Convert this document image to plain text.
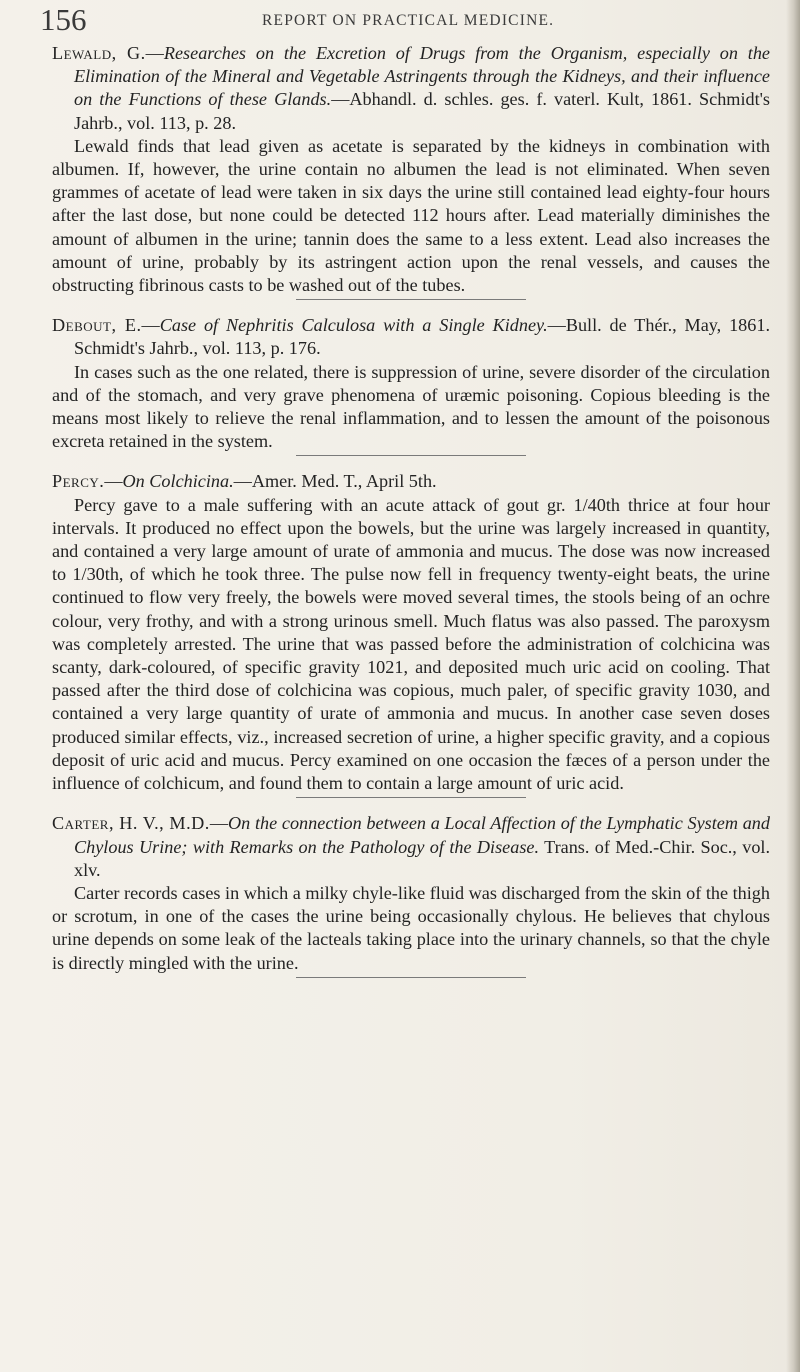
156	REPORT ON PRACTICAL MEDICINE.
Lewald, G.—Researches on the Excretion of Drugs from the Organism, especially on the Elimination of the Mineral and Vegetable Astringents through the Kidneys, and their influence on the Functions of these Glands.—Abhandl. d. schles. ges. f. vaterl. Kult, 1861. Schmidt's Jahrb., vol. 113, p. 28.

Lewald finds that lead given as acetate is separated by the kidneys in combination with albumen. If, however, the urine contain no albumen the lead is not eliminated. When seven grammes of acetate of lead were taken in six days the urine still contained lead eighty-four hours after the last dose, but none could be detected 112 hours after. Lead materially diminishes the amount of albumen in the urine; tannin does the same to a less extent. Lead also increases the amount of urine, probably by its astringent action upon the renal vessels, and causes the obstructing fibrinous casts to be washed out of the tubes.

Debout, E.—Case of Nephritis Calculosa with a Single Kidney.—Bull. de Thér., May, 1861. Schmidt's Jahrb., vol. 113, p. 176.

In cases such as the one related, there is suppression of urine, severe disorder of the circulation and of the stomach, and very grave phenomena of uræmic poisoning. Copious bleeding is the means most likely to relieve the renal inflammation, and to lessen the amount of the poisonous excreta retained in the system.

Percy.—On Colchicina.—Amer. Med. T., April 5th.

Percy gave to a male suffering with an acute attack of gout gr. 1/40th thrice at four hour intervals. It produced no effect upon the bowels, but the urine was largely increased in quantity, and contained a very large amount of urate of ammonia and mucus. The dose was now increased to 1/30th, of which he took three. The pulse now fell in frequency twenty-eight beats, the urine continued to flow very freely, the bowels were moved several times, the stools being of an ochre colour, very frothy, and with a strong urinous smell. Much flatus was also passed. The paroxysm was completely arrested. The urine that was passed before the administration of colchicina was scanty, dark-coloured, of specific gravity 1021, and deposited much uric acid on cooling. That passed after the third dose of colchicina was copious, much paler, of specific gravity 1030, and contained a very large quantity of urate of ammonia and mucus. In another case seven doses produced similar effects, viz., increased secretion of urine, a higher specific gravity, and a copious deposit of uric acid and mucus. Percy examined on one occasion the fæces of a person under the influence of colchicum, and found them to contain a large amount of uric acid.

Carter, H. V., M.D.—On the connection between a Local Affection of the Lymphatic System and Chylous Urine; with Remarks on the Pathology of the Disease. Trans. of Med.-Chir. Soc., vol. xlv.

Carter records cases in which a milky chyle-like fluid was discharged from the skin of the thigh or scrotum, in one of the cases the urine being occasionally chylous. He believes that chylous urine depends on some leak of the lacteals taking place into the urinary channels, so that the chyle is directly mingled with the urine.
